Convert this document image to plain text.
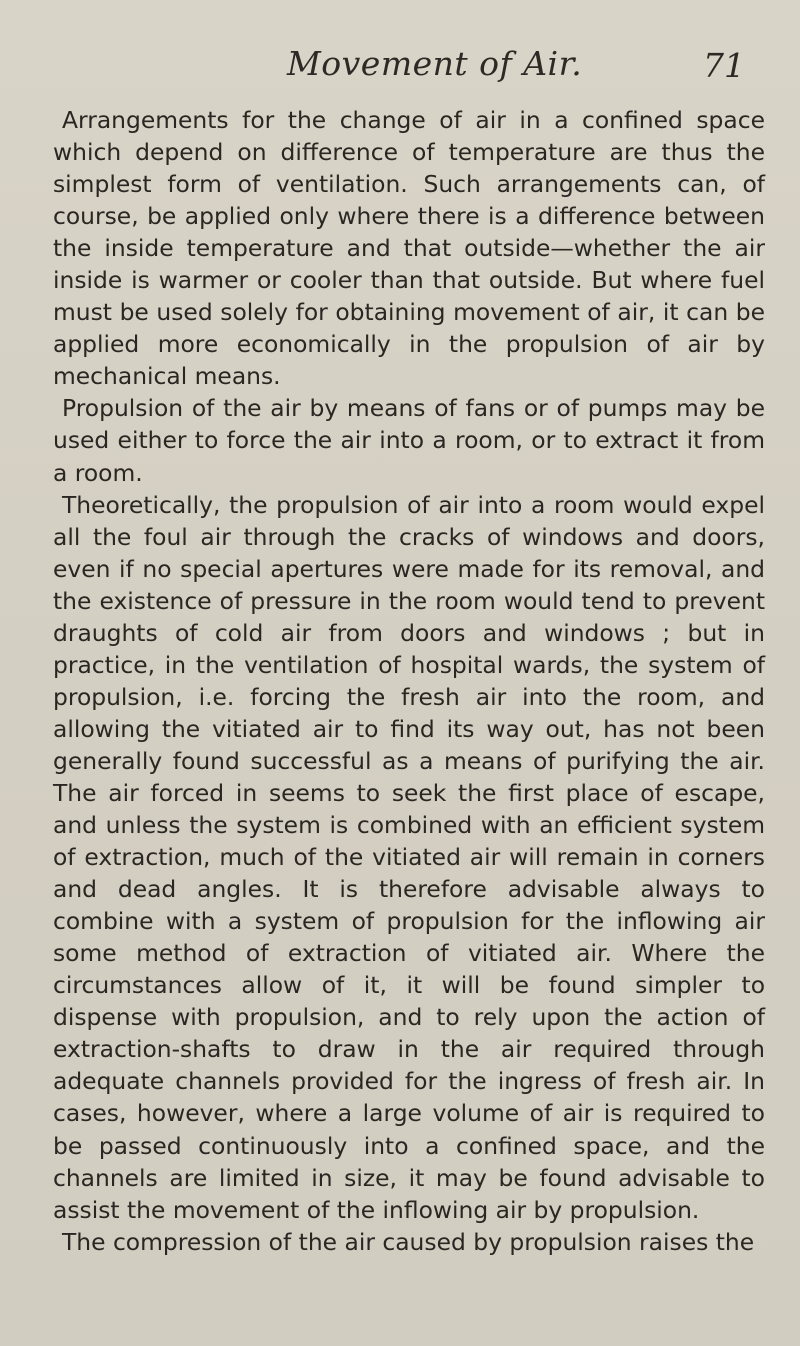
Movement of Air.	71

Arrangements for the change of air in a confined space which depend on difference of temperature are thus the simplest form of ventilation. Such arrangements can, of course, be applied only where there is a difference between the inside temperature and that outside—whether the air inside is warmer or cooler than that outside. But where fuel must be used solely for obtaining movement of air, it can be applied more economically in the propulsion of air by mechanical means.

Propulsion of the air by means of fans or of pumps may be used either to force the air into a room, or to extract it from a room.

Theoretically, the propulsion of air into a room would expel all the foul air through the cracks of windows and doors, even if no special apertures were made for its removal, and the existence of pressure in the room would tend to prevent draughts of cold air from doors and windows ; but in practice, in the ventilation of hospital wards, the system of propulsion, i.e. forcing the fresh air into the room, and allowing the vitiated air to find its way out, has not been generally found successful as a means of purifying the air. The air forced in seems to seek the first place of escape, and unless the system is combined with an efficient system of extraction, much of the vitiated air will remain in corners and dead angles. It is therefore advisable always to combine with a system of propulsion for the inflowing air some method of extraction of vitiated air. Where the circumstances allow of it, it will be found simpler to dispense with propulsion, and to rely upon the action of extraction-shafts to draw in the air required through adequate channels provided for the ingress of fresh air. In cases, however, where a large volume of air is required to be passed continuously into a confined space, and the channels are limited in size, it may be found advisable to assist the movement of the inflowing air by propulsion.

The compression of the air caused by propulsion raises the
